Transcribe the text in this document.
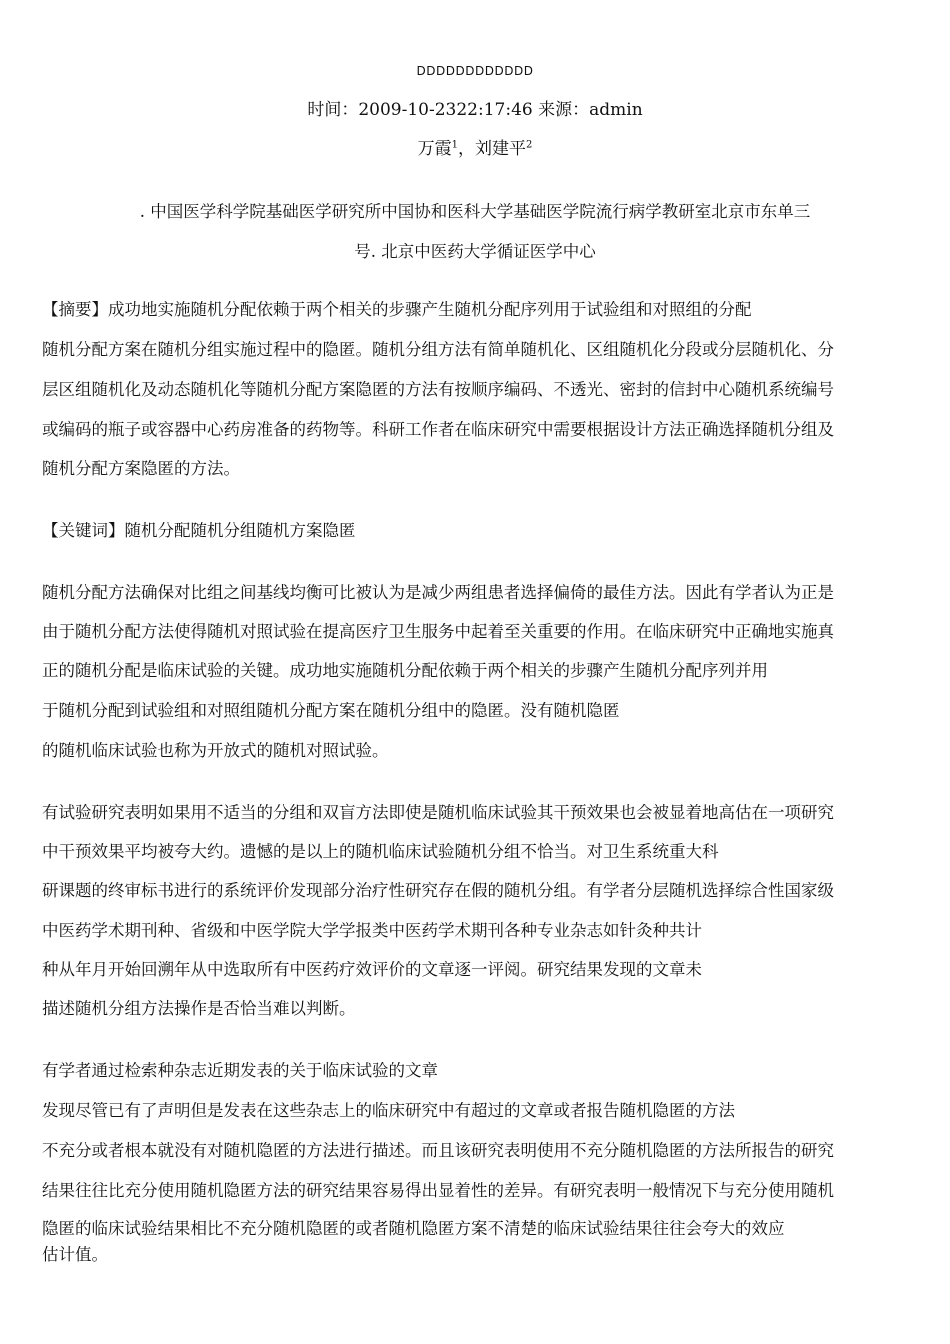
DDDDDDDDDDDD
时间：2009-10-2322:17:46 来源：admin
万霞$^1$，刘建平$^2$
. 中国医学科学院基础医学研究所中国协和医科大学基础医学院流行病学教研室北京市东单三
号. 北京中医药大学循证医学中心
【摘要】成功地实施随机分配依赖于两个相关的步骤产生随机分配序列用于试验组和对照组的分配
随机分配方案在随机分组实施过程中的隐匿。随机分组方法有简单随机化、区组随机化分段或分层随机化、分
层区组随机化及动态随机化等随机分配方案隐匿的方法有按顺序编码、不透光、密封的信封中心随机系统编号
或编码的瓶子或容器中心药房准备的药物等。科研工作者在临床研究中需要根据设计方法正确选择随机分组及
随机分配方案隐匿的方法。
【关键词】随机分配随机分组随机方案隐匿
随机分配方法确保对比组之间基线均衡可比被认为是减少两组患者选择偏倚的最佳方法。因此有学者认为正是
由于随机分配方法使得随机对照试验在提高医疗卫生服务中起着至关重要的作用。在临床研究中正确地实施真
正的随机分配是临床试验的关键。成功地实施随机分配依赖于两个相关的步骤产生随机分配序列并用
于随机分配到试验组和对照组随机分配方案在随机分组中的隐匿。没有随机隐匿
的随机临床试验也称为开放式的随机对照试验。
有试验研究表明如果用不适当的分组和双盲方法即使是随机临床试验其干预效果也会被显着地高估在一项研究
中干预效果平均被夸大约。遗憾的是以上的随机临床试验随机分组不恰当。对卫生系统重大科
研课题的终审标书进行的系统评价发现部分治疗性研究存在假的随机分组。有学者分层随机选择综合性国家级
中医药学术期刊种、省级和中医学院大学学报类中医药学术期刊各种专业杂志如针灸种共计
种从年月开始回溯年从中选取所有中医药疗效评价的文章逐一评阅。研究结果发现的文章未
描述随机分组方法操作是否恰当难以判断。
有学者通过检索种杂志近期发表的关于临床试验的文章
发现尽管已有了声明但是发表在这些杂志上的临床研究中有超过的文章或者报告随机隐匿的方法
不充分或者根本就没有对随机隐匿的方法进行描述。而且该研究表明使用不充分随机隐匿的方法所报告的研究
结果往往比充分使用随机隐匿方法的研究结果容易得出显着性的差异。有研究表明一般情况下与充分使用随机
隐匿的临床试验结果相比不充分随机隐匿的或者随机隐匿方案不清楚的临床试验结果往往会夸大的效应
估计值。
